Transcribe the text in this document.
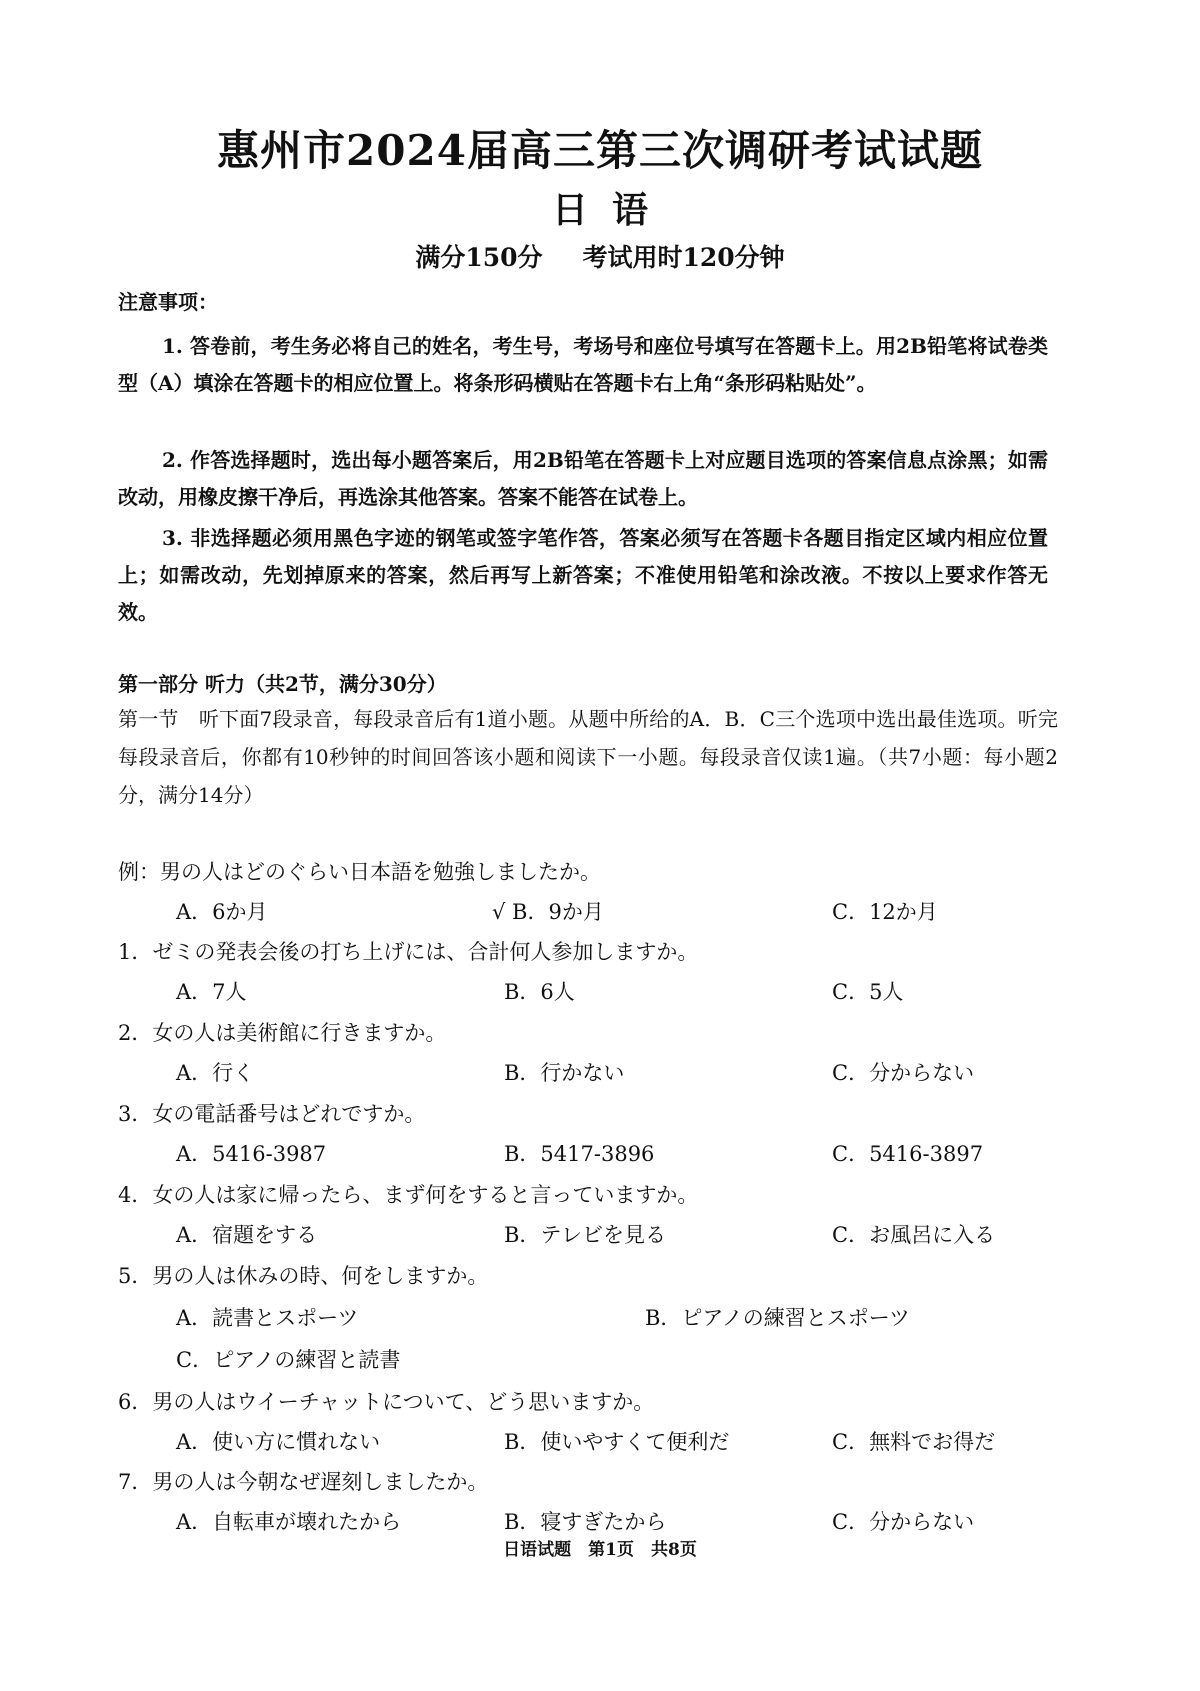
惠州市2024届高三第三次调研考试试题
日语
满分150分 考试用时120分钟
注意事项：
1. 答卷前，考生务必将自己的姓名，考生号，考场号和座位号填写在答题卡上。用2B铅笔将试卷类型（A）填涂在答题卡的相应位置上。将条形码横贴在答题卡右上角“条形码粘贴处”。
2. 作答选择题时，选出每小题答案后，用2B铅笔在答题卡上对应题目选项的答案信息点涂黑；如需改动，用橡皮擦干净后，再选涂其他答案。答案不能答在试卷上。
3. 非选择题必须用黑色字迹的钢笔或签字笔作答，答案必须写在答题卡各题目指定区域内相应位置上；如需改动，先划掉原来的答案，然后再写上新答案；不准使用铅笔和涂改液。不按以上要求作答无效。
第一部分 听力（共2节，满分30分）
第一节　听下面7段录音，每段录音后有1道小题。从题中所给的A．B．C三个选项中选出最佳选项。听完每段录音后，你都有10秒钟的时间回答该小题和阅读下一小题。每段录音仅读1遍。（共7小题：每小题2分，满分14分）
例：男の人はどのぐらい日本語を勉強しましたか。
A．6か月	√ B．9か月	C．12か月
1．ゼミの発表会後の打ち上げには、合計何人参加しますか。
A．7人	B．6人	C．5人
2．女の人は美術館に行きますか。
A．行く	B．行かない	C．分からない
3．女の電話番号はどれですか。
A．5416-3987	B．5417-3896	C．5416-3897
4．女の人は家に帰ったら、まず何をすると言っていますか。
A．宿題をする	B．テレビを見る	C．お風呂に入る
5．男の人は休みの時、何をしますか。
A．読書とスポーツ	B．ピアノの練習とスポーツ
C．ピアノの練習と読書
6．男の人はウイーチャットについて、どう思いますか。
A．使い方に慣れない	B．使いやすくて便利だ	C．無料でお得だ
7．男の人は今朝なぜ遅刻しましたか。
A．自転車が壊れたから	B．寝すぎたから	C．分からない
日语试题　第1页　共8页
